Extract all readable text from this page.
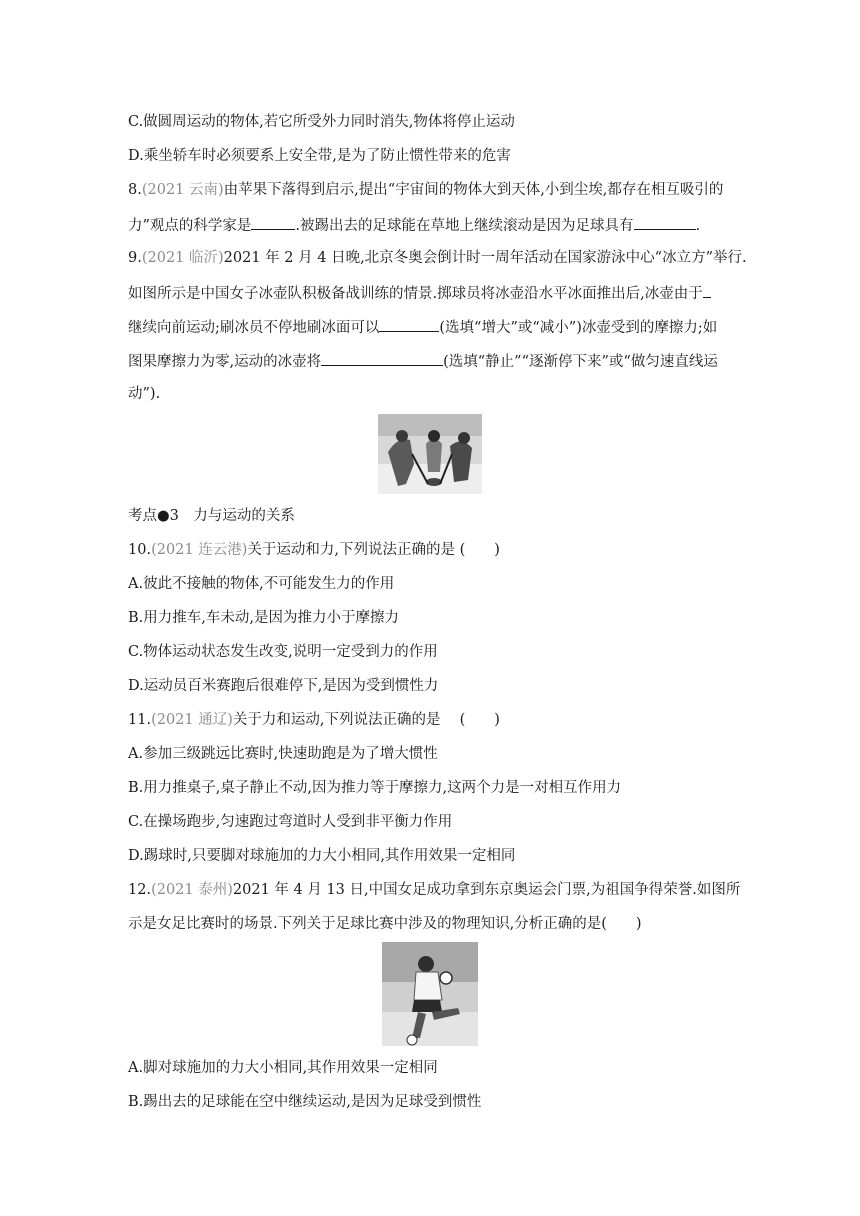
C.做圆周运动的物体,若它所受外力同时消失,物体将停止运动
D.乘坐轿车时必须要系上安全带,是为了防止惯性带来的危害
8.(2021 云南)由苹果下落得到启示,提出“宇宙间的物体大到天体,小到尘埃,都存在相互吸引的
力”观点的科学家是	.被踢出去的足球能在草地上继续滚动是因为足球具有	.
9.(2021 临沂)2021 年 2 月 4 日晚,北京冬奥会倒计时一周年活动在国家游泳中心“冰立方”举行.
如图所示是中国女子冰壶队积极备战训练的情景.掷球员将冰壶沿水平冰面推出后,冰壶由于
继续向前运动;刷冰员不停地刷冰面可以	(选填“增大”或“减小”)冰壶受到的摩擦力;如
图果摩擦力为零,运动的冰壶将	(选填“静止”“逐渐停下来”或“做匀速直线运
动”).
考点●3　力与运动的关系
10.(2021 连云港)关于运动和力,下列说法正确的是 (　　)
A.彼此不接触的物体,不可能发生力的作用
B.用力推车,车未动,是因为推力小于摩擦力
C.物体运动状态发生改变,说明一定受到力的作用
D.运动员百米赛跑后很难停下,是因为受到惯性力
11.(2021 通辽)关于力和运动,下列说法正确的是　 (　　)
A.参加三级跳远比赛时,快速助跑是为了增大惯性
B.用力推桌子,桌子静止不动,因为推力等于摩擦力,这两个力是一对相互作用力
C.在操场跑步,匀速跑过弯道时人受到非平衡力作用
D.踢球时,只要脚对球施加的力大小相同,其作用效果一定相同
12.(2021 泰州)2021 年 4 月 13 日,中国女足成功拿到东京奥运会门票,为祖国争得荣誉.如图所
示是女足比赛时的场景.下列关于足球比赛中涉及的物理知识,分析正确的是(　　)
A.脚对球施加的力大小相同,其作用效果一定相同
B.踢出去的足球能在空中继续运动,是因为足球受到惯性
